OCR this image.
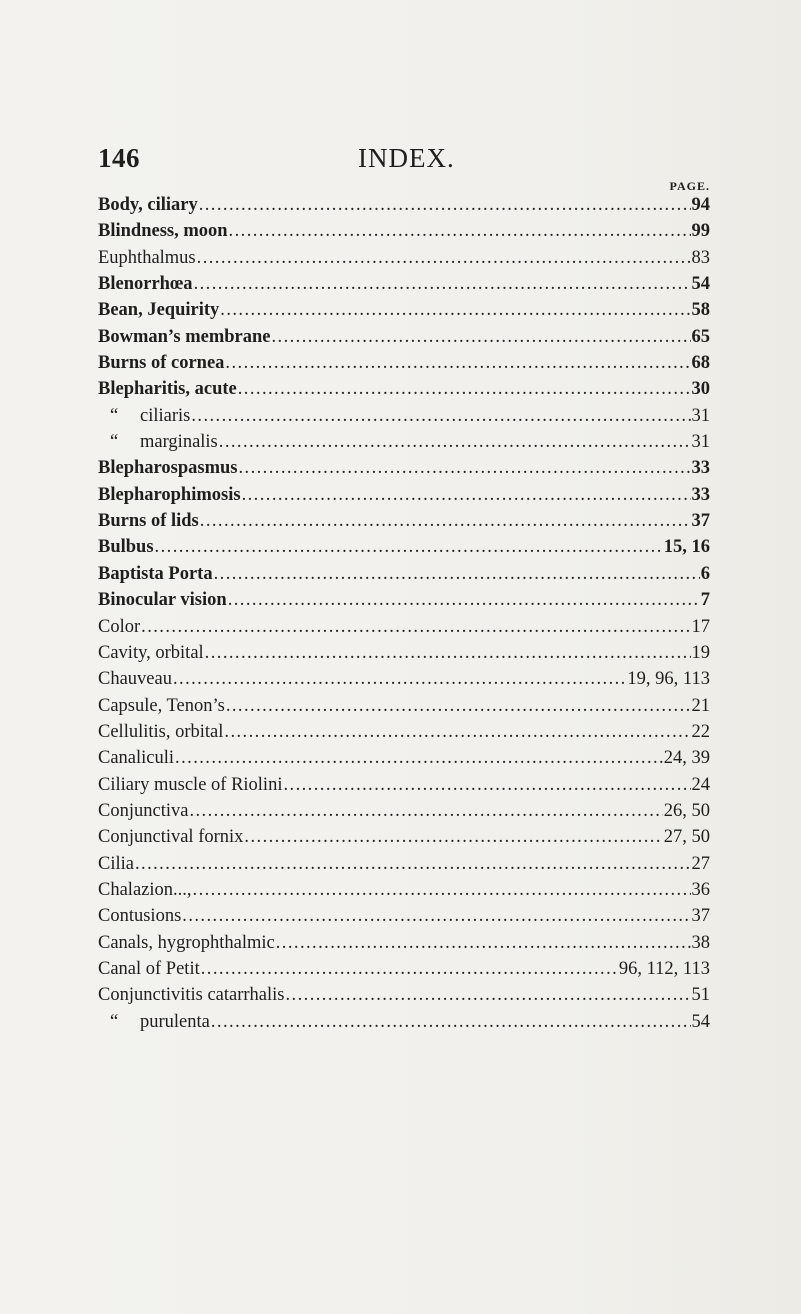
146	INDEX.
PAGE.
Body, ciliary . . .	94
Blindness, moon . . .	99
Euphthalmus . . .	83
Blenorrhœa . . .	54
Bean, Jequirity . . .	58
Bowman’s membrane . . .	65
Burns of cornea . . .	68
Blepharitis, acute . . .	30
“ ciliaris . . .	31
“ marginalis . . .	31
Blepharospasmus . . .	33
Blepharophimosis . . .	33
Burns of lids . . .	37
Bulbus . . .	15, 16
Baptista Porta . . .	6
Binocular vision . . .	7
Color . . .	17
Cavity, orbital . . .	19
Chauveau . . .	19, 96, 113
Capsule, Tenon’s . . .	21
Cellulitis, orbital . . .	22
Canaliculi . . .	24, 39
Ciliary muscle of Riolini . . .	24
Conjunctiva . . .	26, 50
Conjunctival fornix . . .	27, 50
Cilia . . .	27
Chalazion..., . . .	36
Contusions . . .	37
Canals, hygrophthalmic . . .	38
Canal of Petit . . .	96, 112, 113
Conjunctivitis catarrhalis . . .	51
“ purulenta . . .	54
